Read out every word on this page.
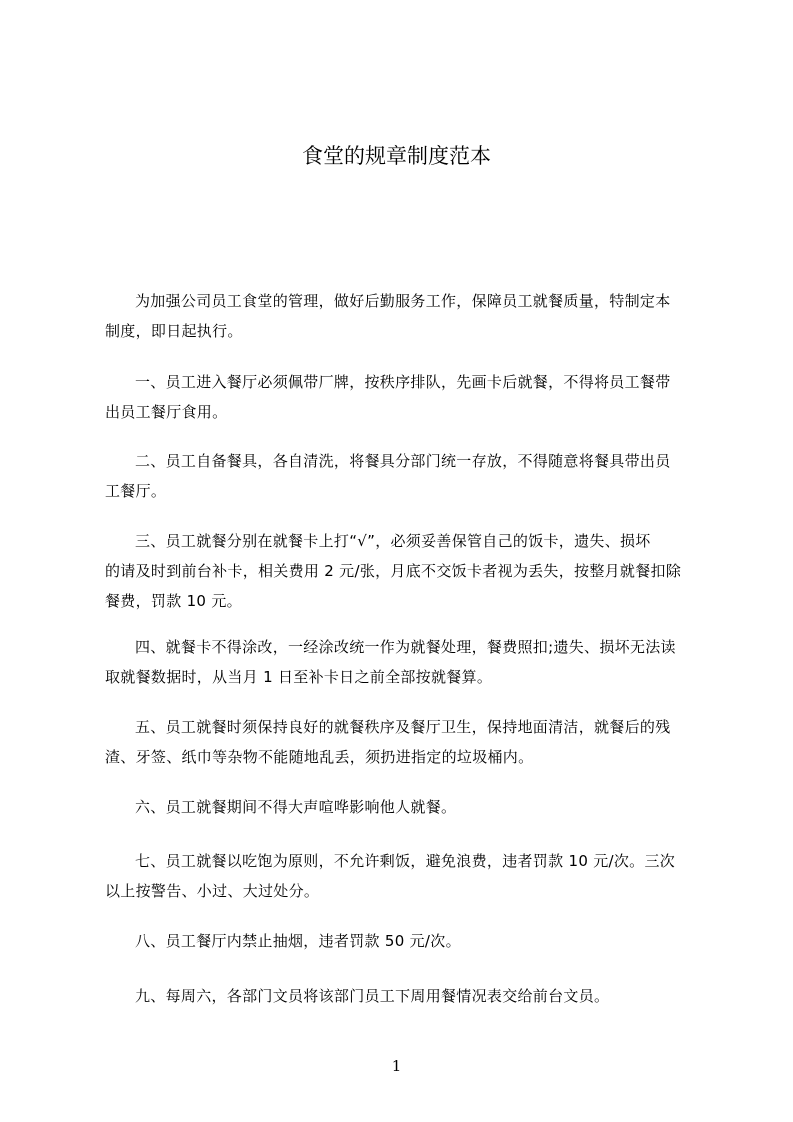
食堂的规章制度范本
为加强公司员工食堂的管理，做好后勤服务工作，保障员工就餐质量，特制定本
制度，即日起执行。
一、员工进入餐厅必须佩带厂牌，按秩序排队，先画卡后就餐，不得将员工餐带
出员工餐厅食用。
二、员工自备餐具，各自清洗，将餐具分部门统一存放，不得随意将餐具带出员
工餐厅。
三、员工就餐分别在就餐卡上打“√”，必须妥善保管自己的饭卡，遗失、损坏
的请及时到前台补卡，相关费用 2 元/张，月底不交饭卡者视为丢失，按整月就餐扣除
餐费，罚款 10 元。
四、就餐卡不得涂改，一经涂改统一作为就餐处理，餐费照扣;遗失、损坏无法读
取就餐数据时，从当月 1 日至补卡日之前全部按就餐算。
五、员工就餐时须保持良好的就餐秩序及餐厅卫生，保持地面清洁，就餐后的残
渣、牙签、纸巾等杂物不能随地乱丢，须扔进指定的垃圾桶内。
六、员工就餐期间不得大声喧哗影响他人就餐。
七、员工就餐以吃饱为原则，不允许剩饭，避免浪费，违者罚款 10 元/次。三次
以上按警告、小过、大过处分。
八、员工餐厅内禁止抽烟，违者罚款 50 元/次。
九、每周六，各部门文员将该部门员工下周用餐情况表交给前台文员。
1
